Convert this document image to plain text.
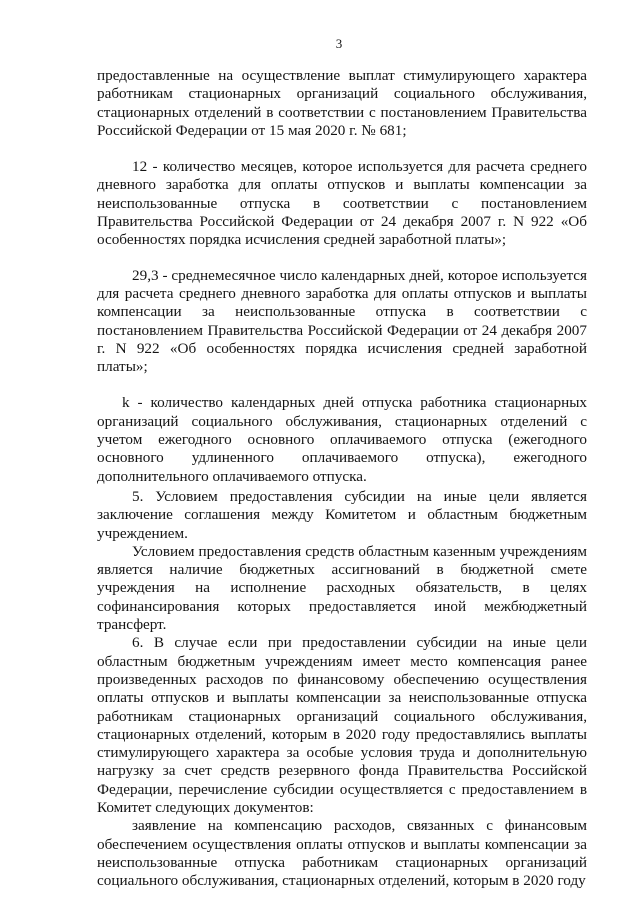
3

предоставленные на осуществление выплат стимулирующего характера работникам стационарных организаций социального обслуживания, стационарных отделений в соответствии с постановлением Правительства Российской Федерации от 15 мая 2020 г. № 681;

12 - количество месяцев, которое используется для расчета среднего дневного заработка для оплаты отпусков и выплаты компенсации за неиспользованные отпуска в соответствии с постановлением Правительства Российской Федерации от 24 декабря 2007 г. N 922 «Об особенностях порядка исчисления средней заработной платы»;

29,3 - среднемесячное число календарных дней, которое используется для расчета среднего дневного заработка для оплаты отпусков и выплаты компенсации за неиспользованные отпуска в соответствии с постановлением Правительства Российской Федерации от 24 декабря 2007 г. N 922 «Об особенностях порядка исчисления средней заработной платы»;

k - количество календарных дней отпуска работника стационарных организаций социального обслуживания, стационарных отделений с учетом ежегодного основного оплачиваемого отпуска (ежегодного основного удлиненного оплачиваемого отпуска), ежегодного дополнительного оплачиваемого отпуска.

5. Условием предоставления субсидии на иные цели является заключение соглашения между Комитетом и областным бюджетным учреждением.

Условием предоставления средств областным казенным учреждениям является наличие бюджетных ассигнований в бюджетной смете учреждения на исполнение расходных обязательств, в целях софинансирования которых предоставляется иной межбюджетный трансферт.

6. В случае если при предоставлении субсидии на иные цели областным бюджетным учреждениям имеет место компенсация ранее произведенных расходов по финансовому обеспечению осуществления оплаты отпусков и выплаты компенсации за неиспользованные отпуска работникам стационарных организаций социального обслуживания, стационарных отделений, которым в 2020 году предоставлялись выплаты стимулирующего характера за особые условия труда и дополнительную нагрузку за счет средств резервного фонда Правительства Российской Федерации, перечисление субсидии осуществляется с предоставлением в Комитет следующих документов:

заявление на компенсацию расходов, связанных с финансовым обеспечением осуществления оплаты отпусков и выплаты компенсации за неиспользованные отпуска работникам стационарных организаций социального обслуживания, стационарных отделений, которым в 2020 году
